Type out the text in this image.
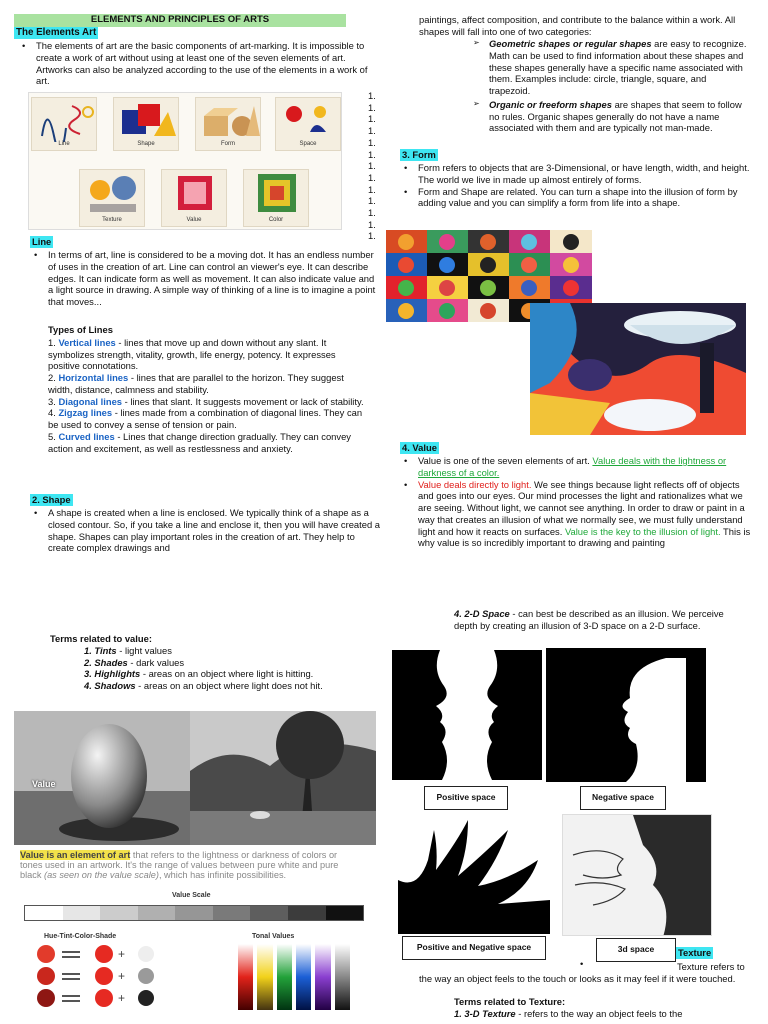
ELEMENTS AND PRINCIPLES OF ARTS
The Elements Art
• The elements of art are the basic components of art-marking. It is impossible to create a work of art without using at least one of the seven elements of art. Artworks can also be analyzed according to the use of the elements in a work of art.
Line	Shape	Form	Space
Texture	Value	Color
1.
1.
1.
1.
1.
1.
1.
1.
1.
1.
1.
1.
1.
Line
• In terms of art, line is considered to be a moving dot. It has an endless number of uses in the creation of art. Line can control an viewer's eye. It can describe edges. It can indicate form as well as movement. It can also indicate value and a light source in drawing. A simple way of thinking of a line is to imagine a point that moves...
Types of Lines
1. Vertical lines - lines that move up and down without any slant. It symbolizes strength, vitality, growth, life energy, potency. It expresses positive connotations.
2. Horizontal lines - lines that are parallel to the horizon. They suggest width, distance, calmness and stability.
3. Diagonal lines - lines that slant. It suggests movement or lack of stability.
4. Zigzag lines - lines made from a combination of diagonal lines. They can be used to convey a sense of tension or pain.
5. Curved lines - Lines that change direction gradually. They can convey action and excitement, as well as restlessness and anxiety.
2. Shape
• A shape is created when a line is enclosed. We typically think of a shape as a closed contour. So, if you take a line and enclose it, then you will have created a shape. Shapes can play important roles in the creation of art. They help to create complex drawings and
paintings, affect composition, and contribute to the balance within a work. All shapes will fall into one of two categories:
➢ Geometric shapes or regular shapes are easy to recognize. Math can be used to find information about these shapes and these shapes generally have a specific name associated with them. Examples include: circle, triangle, square, and trapezoid.
➢ Organic or freeform shapes are shapes that seem to follow no rules. Organic shapes generally do not have a name associated with them and are typically not man-made.
3. Form
• Form refers to objects that are 3-Dimensional, or have length, width, and height. The world we live in made up almost entirely of forms.
• Form and Shape are related. You can turn a shape into the illusion of form by adding value and you can simplify a form from life into a shape.
4. Value
• Value is one of the seven elements of art. Value deals with the lightness or darkness of a color.
• Value deals directly to light. We see things because light reflects off of objects and goes into our eyes. Our mind processes the light and rationalizes what we are seeing. Without light, we cannot see anything. In order to draw or paint in a way that creates an illusion of what we normally see, we must fully understand light and how it reacts on surfaces. Value is the key to the illusion of light. This is why value is so incredibly important to drawing and painting
Terms related to value:
1. Tints - light values
2. Shades - dark values
3. Highlights - areas on an object where light is hitting.
4. Shadows - areas on an object where light does not hit.
Value
Value is an element of art that refers to the lightness or darkness of colors or tones used in an artwork. It's the range of values between pure white and pure black (as seen on the value scale), which has infinite possibilities.
Value Scale
Hue-Tint-Color-Shade	Tonal Values
+
+
+
4. 2-D Space - can best be described as an illusion. We perceive depth by creating an illusion of 3-D space on a 2-D surface.
Positive space	Negative space
Positive and Negative space	3d space	Texture
•	Texture refers to the way an object feels to the touch or looks as it may feel if it were touched.
Terms related to Texture:
1. 3-D Texture - refers to the way an object feels to the
